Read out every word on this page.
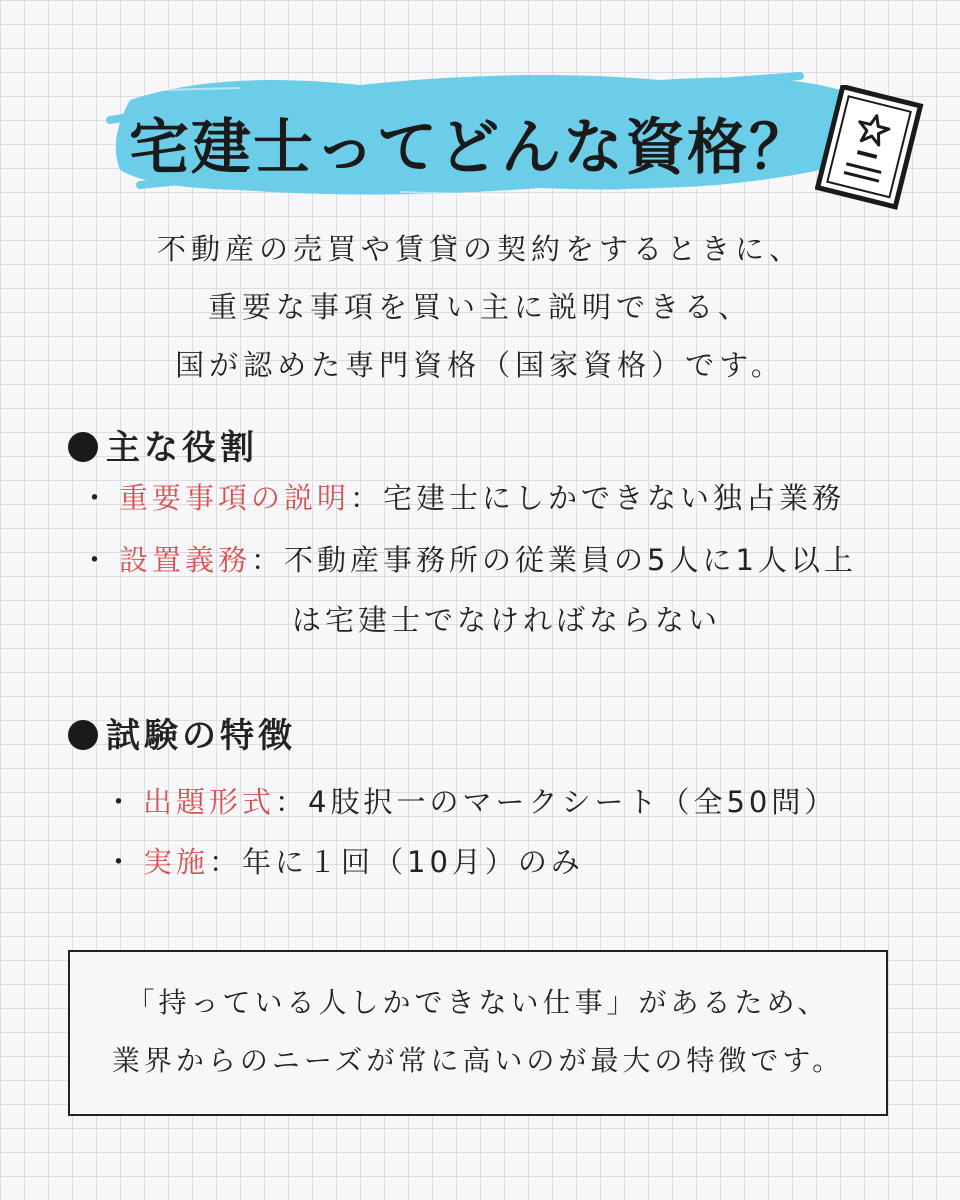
宅建士ってどんな資格？

不動産の売買や賃貸の契約をするときに、

重要な事項を買い主に説明できる、

国が認めた専門資格（国家資格）です。

主な役割
・ 重要事項の説明：宅建士にしかできない独占業務
・ 設置義務：不動産事務所の従業員の5人に1人以上
は宅建士でなければならない
試験の特徴
・ 出題形式：4肢択一のマークシート（全50問）
・ 実施：年に１回（10月）のみ

「持っている人しかできない仕事」があるため、

業界からのニーズが常に高いのが最大の特徴です。
